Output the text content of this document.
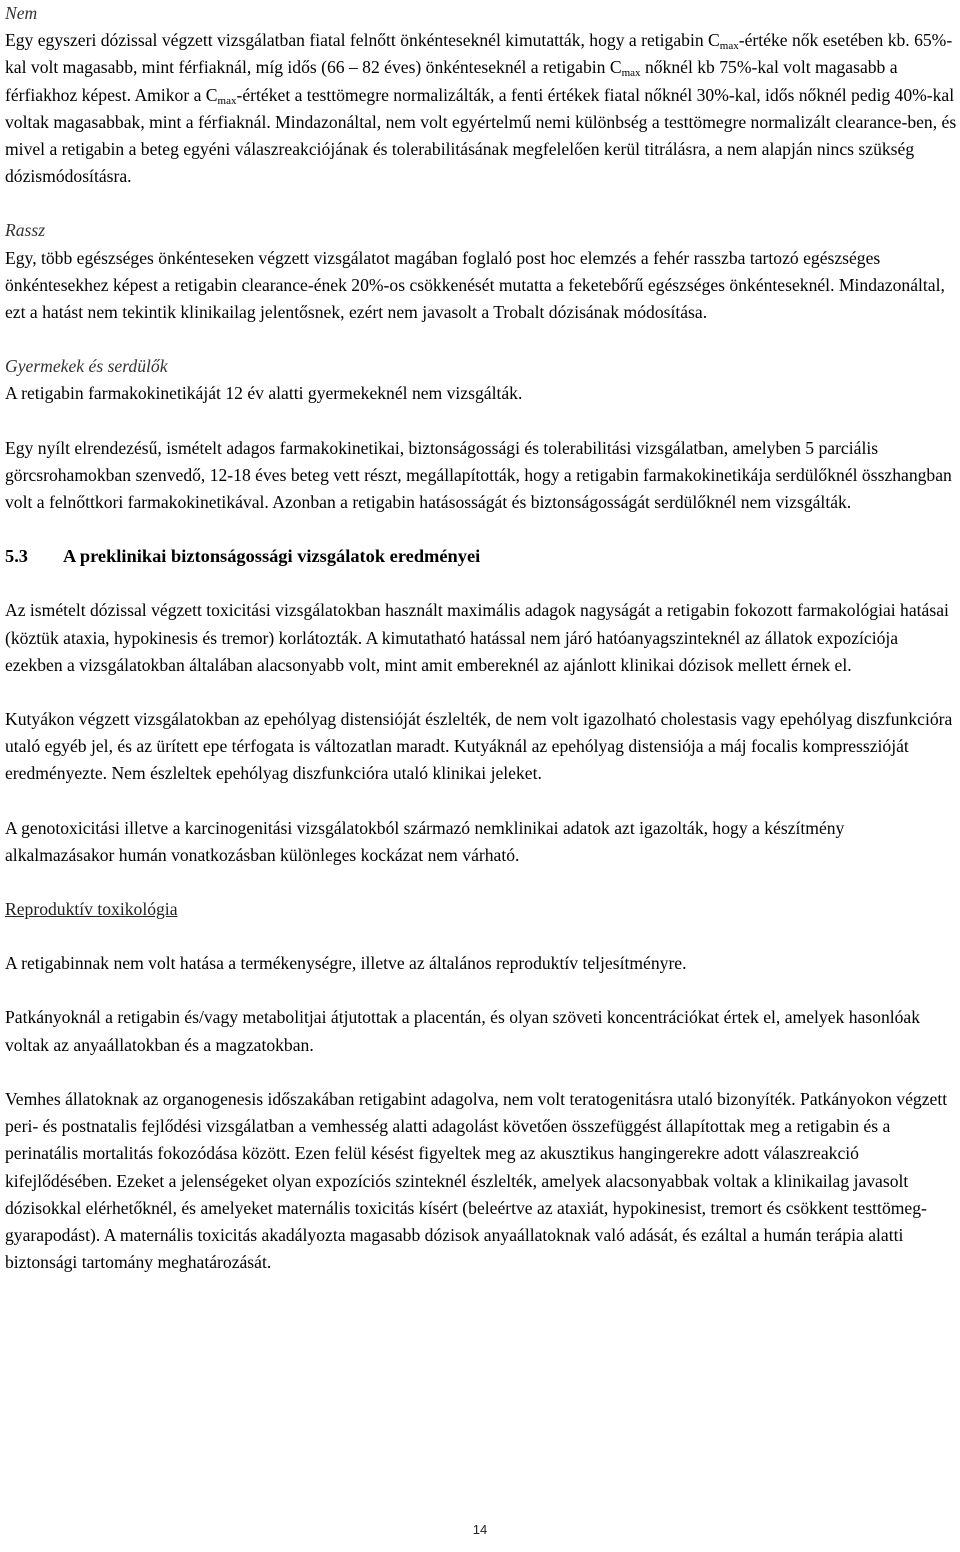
Nem

Egy egyszeri dózissal végzett vizsgálatban fiatal felnőtt önkénteseknél kimutatták, hogy a retigabin $C_{max}$-értéke nők esetében kb. 65%-kal volt magasabb, mint férfiaknál, míg idős (66 – 82 éves) önkénteseknél a retigabin $C_{max}$ nőknél kb 75%-kal volt magasabb a férfiakhoz képest. Amikor a $C_{max}$-értéket a testtömegre normalizálták, a fenti értékek fiatal nőknél 30%-kal, idős nőknél pedig 40%-kal voltak magasabbak, mint a férfiaknál. Mindazonáltal, nem volt egyértelmű nemi különbség a testtömegre normalizált clearance-ben, és mivel a retigabin a beteg egyéni válaszreakciójának és tolerabilitásának megfelelően kerül titrálásra, a nem alapján nincs szükség dózismódosításra.

Rassz

Egy, több egészséges önkénteseken végzett vizsgálatot magában foglaló post hoc elemzés a fehér rasszba tartozó egészséges önkéntesekhez képest a retigabin clearance-ének 20%-os csökkenését mutatta a feketebőrű egészséges önkénteseknél. Mindazonáltal, ezt a hatást nem tekintik klinikailag jelentősnek, ezért nem javasolt a Trobalt dózisának módosítása.

Gyermekek és serdülők

A retigabin farmakokinetikáját 12 év alatti gyermekeknél nem vizsgálták.

Egy nyílt elrendezésű, ismételt adagos farmakokinetikai, biztonságossági és tolerabilitási vizsgálatban, amelyben 5 parciális görcsrohamokban szenvedő, 12-18 éves beteg vett részt, megállapították, hogy a retigabin farmakokinetikája serdülőknél összhangban volt a felnőttkori farmakokinetikával. Azonban a retigabin hatásosságát és biztonságosságát serdülőknél nem vizsgálták.

5.3 A preklinikai biztonságossági vizsgálatok eredményei

Az ismételt dózissal végzett toxicitási vizsgálatokban használt maximális adagok nagyságát a retigabin fokozott farmakológiai hatásai (köztük ataxia, hypokinesis és tremor) korlátozták. A kimutatható hatással nem járó hatóanyagszinteknél az állatok expozíciója ezekben a vizsgálatokban általában alacsonyabb volt, mint amit embereknél az ajánlott klinikai dózisok mellett érnek el.

Kutyákon végzett vizsgálatokban az epehólyag distensióját észlelték, de nem volt igazolható cholestasis vagy epehólyag diszfunkcióra utaló egyéb jel, és az ürített epe térfogata is változatlan maradt. Kutyáknál az epehólyag distensiója a máj focalis kompresszióját eredményezte. Nem észleltek epehólyag diszfunkcióra utaló klinikai jeleket.

A genotoxicitási illetve a karcinogenitási vizsgálatokból származó nemklinikai adatok azt igazolták, hogy a készítmény alkalmazásakor humán vonatkozásban különleges kockázat nem várható.

Reproduktív toxikológia

A retigabinnak nem volt hatása a termékenységre, illetve az általános reproduktív teljesítményre.

Patkányoknál a retigabin és/vagy metabolitjai átjutottak a placentán, és olyan szöveti koncentrációkat értek el, amelyek hasonlóak voltak az anyaállatokban és a magzatokban.

Vemhes állatoknak az organogenesis időszakában retigabint adagolva, nem volt teratogenitásra utaló bizonyíték. Patkányokon végzett peri- és postnatalis fejlődési vizsgálatban a vemhesség alatti adagolást követően összefüggést állapítottak meg a retigabin és a perinatális mortalitás fokozódása között. Ezen felül késést figyeltek meg az akusztikus hangingerekre adott válaszreakció kifejlődésében. Ezeket a jelenségeket olyan expozíciós szinteknél észlelték, amelyek alacsonyabbak voltak a klinikailag javasolt dózisokkal elérhetőknél, és amelyeket maternális toxicitás kísért (beleértve az ataxiát, hypokinesist, tremort és csökkent testtömeg-gyarapodást). A maternális toxicitás akadályozta magasabb dózisok anyaállatoknak való adását, és ezáltal a humán terápia alatti biztonsági tartomány meghatározását.

14
